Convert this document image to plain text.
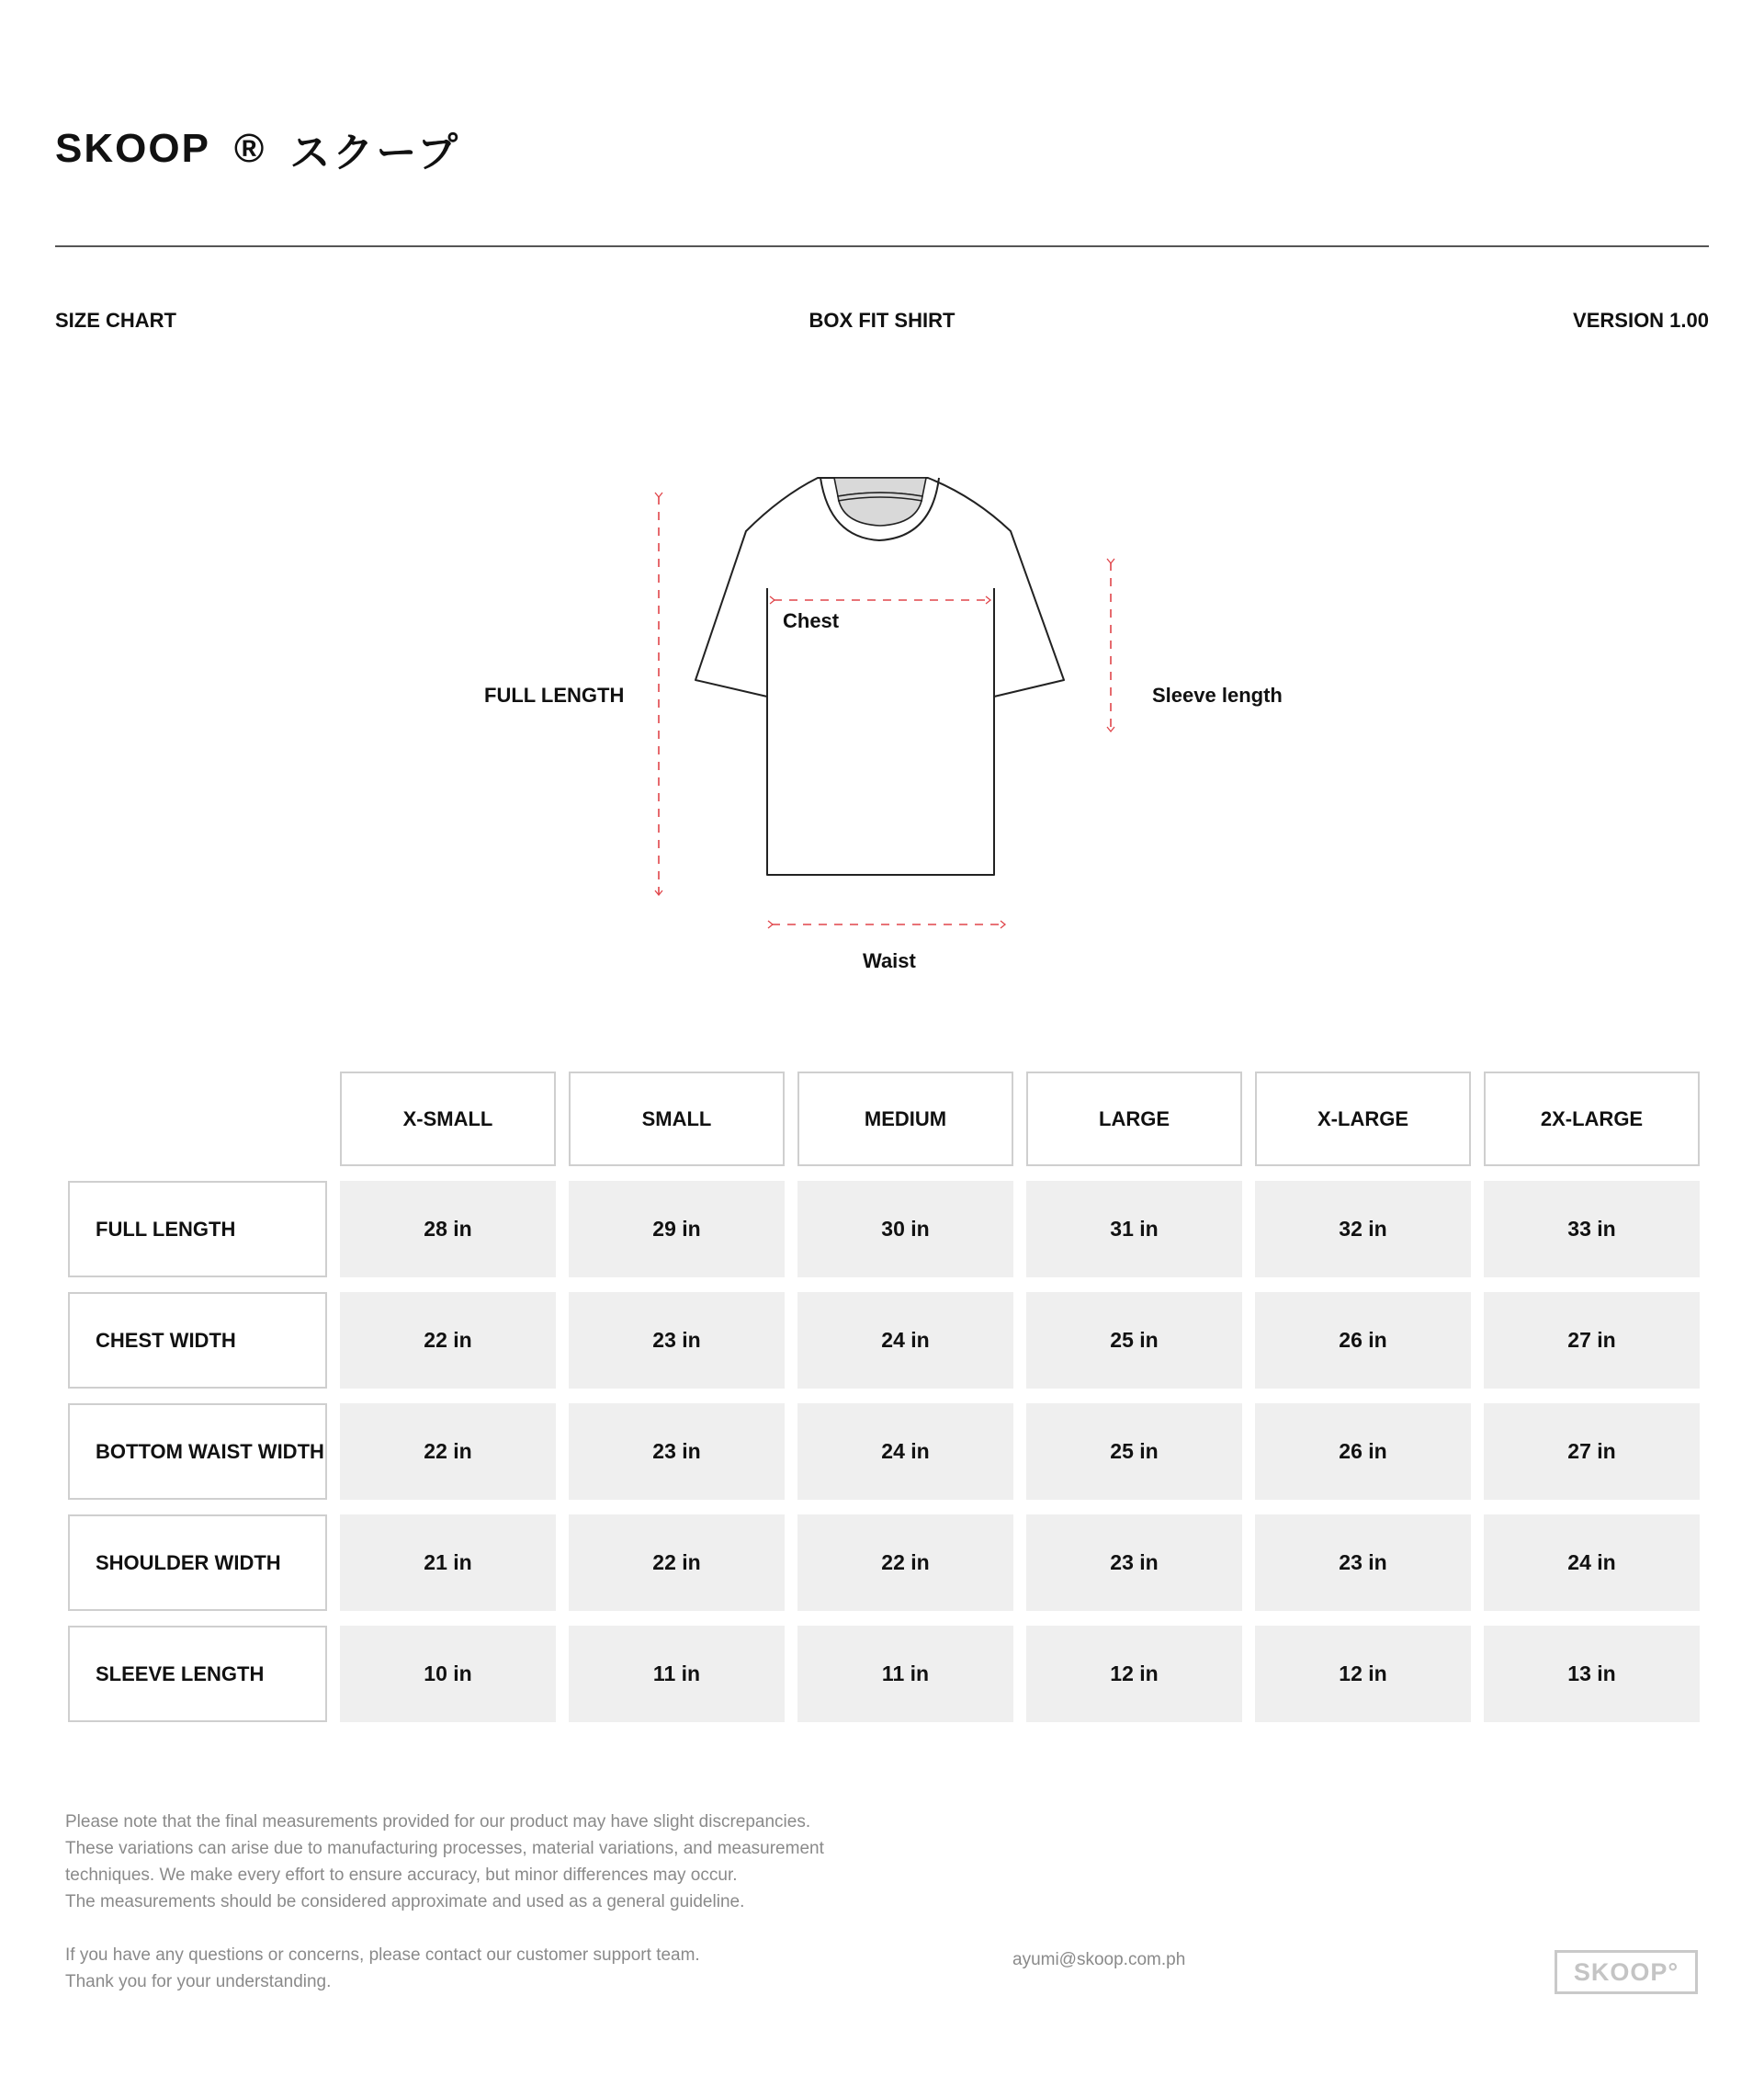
SKOOP ® スクープ
SIZE CHART	BOX FIT SHIRT	VERSION 1.00
FULL LENGTH
Chest
Sleeve length
Waist
	X-SMALL	SMALL	MEDIUM	LARGE	X-LARGE	2X-LARGE
FULL LENGTH	28 in	29 in	30 in	31 in	32 in	33 in
CHEST WIDTH	22 in	23 in	24 in	25 in	26 in	27 in
BOTTOM WAIST WIDTH	22 in	23 in	24 in	25 in	26 in	27 in
SHOULDER WIDTH	21 in	22 in	22 in	23 in	23 in	24 in
SLEEVE LENGTH	10 in	11 in	11 in	12 in	12 in	13 in

Please note that the final measurements provided for our product may have slight discrepancies.

These variations can arise due to manufacturing processes, material variations, and measurement

techniques. We make every effort to ensure accuracy, but minor differences may occur.

The measurements should be considered approximate and used as a general guideline.

If you have any questions or concerns, please contact our customer support team.

Thank you for your understanding.

ayumi@skoop.com.ph	SKOOP°
